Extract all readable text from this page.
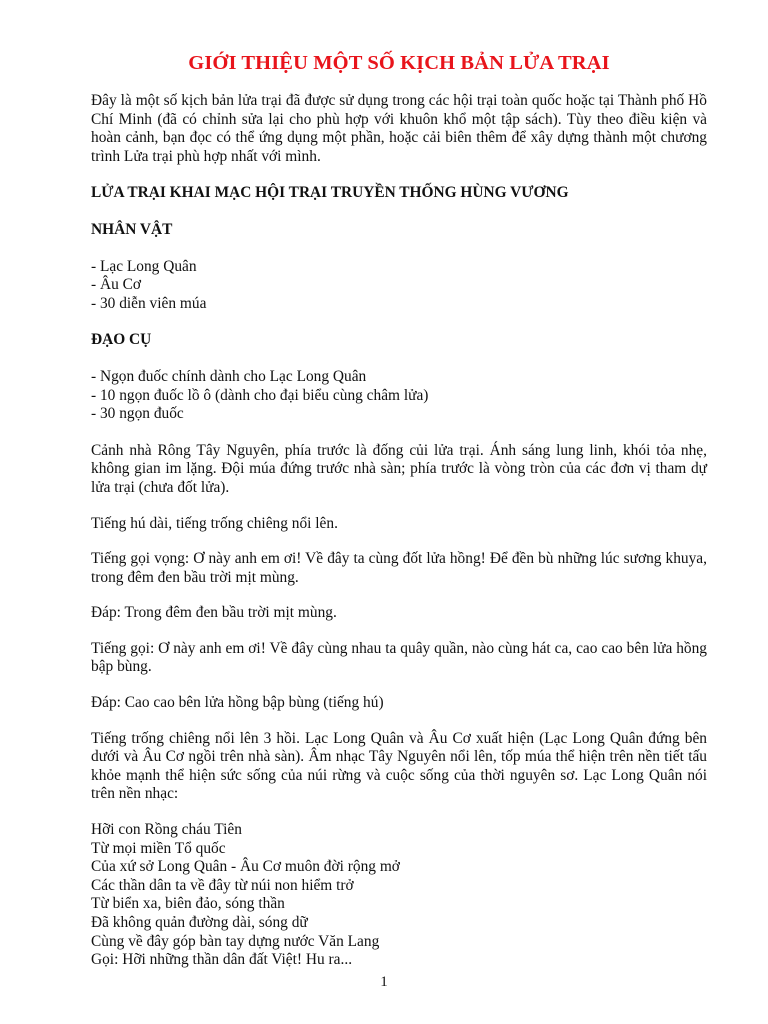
GIỚI THIỆU MỘT SỐ KỊCH BẢN LỬA TRẠI

Đây là một số kịch bản lửa trại đã được sử dụng trong các hội trại toàn quốc hoặc tại Thành phố Hồ Chí Minh (đã có chỉnh sửa lại cho phù hợp với khuôn khổ một tập sách). Tùy theo điều kiện và hoàn cảnh, bạn đọc có thể ứng dụng một phần, hoặc cải biên thêm để xây dựng thành một chương trình Lửa trại phù hợp nhất với mình.

LỬA TRẠI KHAI MẠC HỘI TRẠI TRUYỀN THỐNG HÙNG VƯƠNG

NHÂN VẬT

- Lạc Long Quân
- Âu Cơ
- 30 diễn viên múa

ĐẠO CỤ

- Ngọn đuốc chính dành cho Lạc Long Quân
- 10 ngọn đuốc lồ ô (dành cho đại biểu cùng châm lửa)
- 30 ngọn đuốc

Cảnh nhà Rông Tây Nguyên, phía trước là đống củi lửa trại. Ánh sáng lung linh, khói tỏa nhẹ, không gian im lặng. Đội múa đứng trước nhà sàn; phía trước là vòng tròn của các đơn vị tham dự lửa trại (chưa đốt lửa).

Tiếng hú dài, tiếng trống chiêng nổi lên.

Tiếng gọi vọng: Ơ này anh em ơi! Về đây ta cùng đốt lửa hồng! Để đền bù những lúc sương khuya, trong đêm đen bầu trời mịt mùng.

Đáp: Trong đêm đen bầu trời mịt mùng.

Tiếng gọi: Ơ này anh em ơi! Về đây cùng nhau ta quây quần, nào cùng hát ca, cao cao bên lửa hồng bập bùng.

Đáp: Cao cao bên lửa hồng bập bùng (tiếng hú)

Tiếng trống chiêng nổi lên 3 hồi. Lạc Long Quân và Âu Cơ xuất hiện (Lạc Long Quân đứng bên dưới và Âu Cơ ngồi trên nhà sàn). Âm nhạc Tây Nguyên nổi lên, tốp múa thể hiện trên nền tiết tấu khỏe mạnh thể hiện sức sống của núi rừng và cuộc sống của thời nguyên sơ. Lạc Long Quân nói trên nền nhạc:

Hỡi con Rồng cháu Tiên
Từ mọi miền Tổ quốc
Của xứ sở Long Quân - Âu Cơ muôn đời rộng mở
Các thần dân ta về đây từ núi non hiểm trở
Từ biển xa, biên đảo, sóng thần
Đã không quản đường dài, sóng dữ
Cùng về đây góp bàn tay dựng nước Văn Lang
Gọi: Hỡi những thần dân đất Việt! Hu ra...
1
